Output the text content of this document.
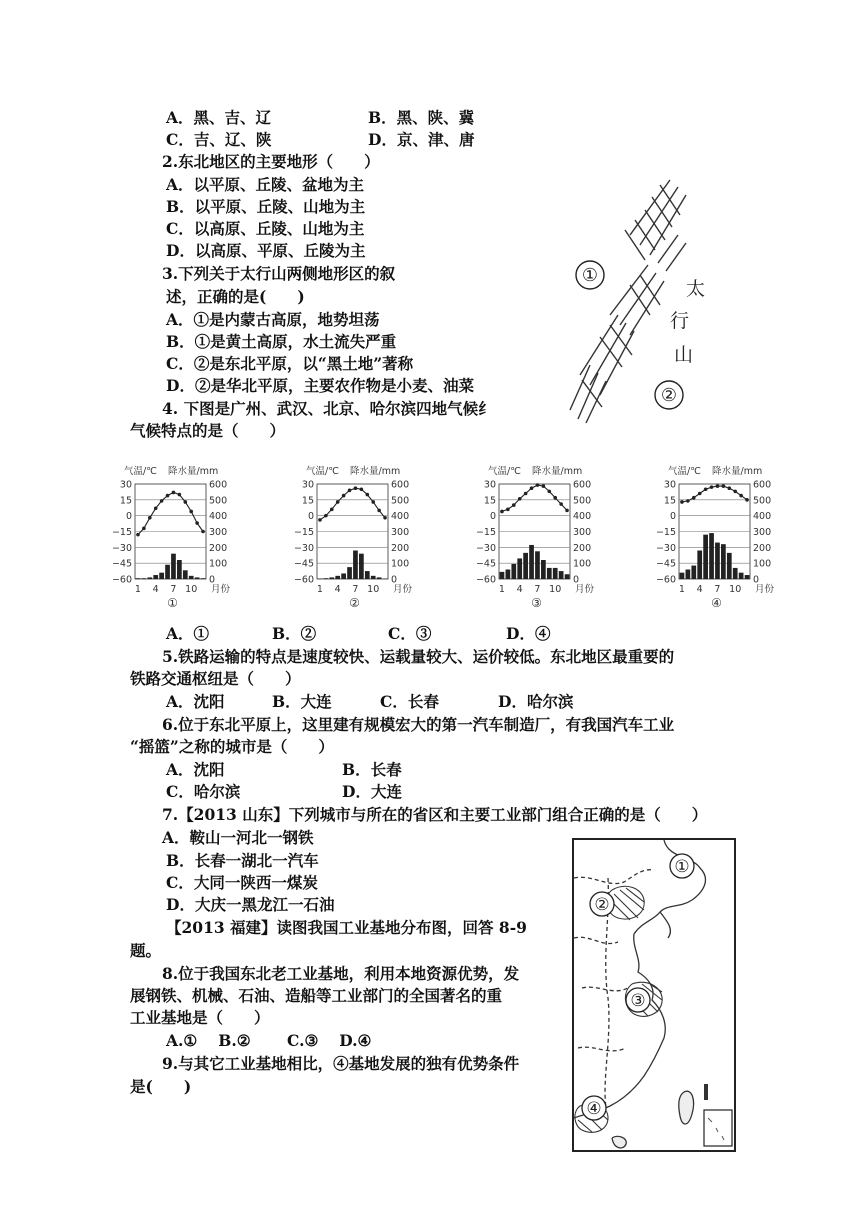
A．黑、吉、辽	B．黑、陕、冀
C．吉、辽、陕	D．京、津、唐
2.东北地区的主要地形（　　）
A．以平原、丘陵、盆地为主
B．以平原、丘陵、山地为主
C．以高原、丘陵、山地为主
D．以高原、平原、丘陵为主
3.下列关于太行山两侧地形区的叙
述，正确的是(　　)
A．①是内蒙古高原，地势坦荡
B．①是黄土高原，水土流失严重
C．②是东北平原，以“黑土地”著称
D．②是华北平原，主要农作物是小麦、油菜
①
②
太
行
山
4. 下图是广州、武汉、北京、哈尔滨四地气候纟
气候特点的是（　　）
气温/℃ 降水量/mm
30	600
15	500
0	400
−15	300
−30	200
−45	100
−60	0
1 4 7 10 月份
①
气温/℃ 降水量/mm
30	600
15	500
0	400
−15	300
−30	200
−45	100
−60	0
1 4 7 10 月份
②
气温/℃ 降水量/mm
30	600
15	500
0	400
−15	300
−30	200
−45	100
−60	0
1 4 7 10 月份
③
气温/℃ 降水量/mm
30	600
15	500
0	400
−15	300
−30	200
−45	100
−60	0
1 4 7 10 月份
④
A．①	B．②	C．③	D．④
5.铁路运输的特点是速度较快、运载量较大、运价较低。东北地区最重要的
铁路交通枢纽是（　　）
A．沈阳	B．大连	C．长春	D．哈尔滨
6.位于东北平原上，这里建有规模宏大的第一汽车制造厂，有我国汽车工业
“摇篮”之称的城市是（　　）
A．沈阳	B．长春
C．哈尔滨	D．大连
7.【2013 山东】下列城市与所在的省区和主要工业部门组合正确的是（　　）
A．鞍山一河北一钢铁
B．长春一湖北一汽车
C．大同一陕西一煤炭
D．大庆一黑龙江一石油
【2013 福建】读图我国工业基地分布图，回答 8-9
题。
8.位于我国东北老工业基地，利用本地资源优势，发
展钢铁、机械、石油、造船等工业部门的全国著名的重
工业基地是（　　）
A.①　 B.②　　 C.③　 D.④
9.与其它工业基地相比，④基地发展的独有优势条件
是(　　)
①
②
③
④
